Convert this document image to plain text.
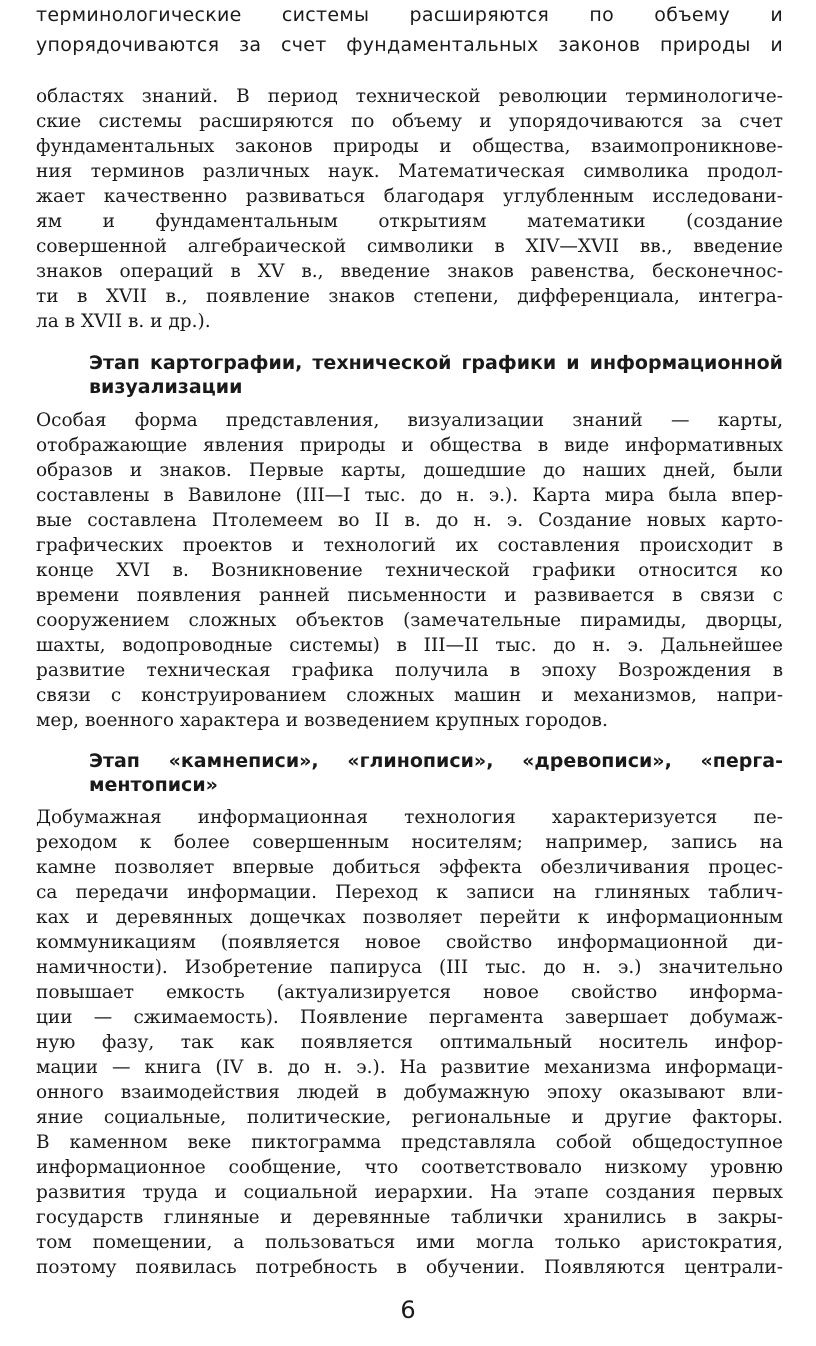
терминологические системы расширяются по объему и
упорядочиваются за счет фундаментальных законов природы и
областях знаний. В период технической революции терминологиче-
ские системы расширяются по объему и упорядочиваются за счет
фундаментальных законов природы и общества, взаимопроникнове-
ния терминов различных наук. Математическая символика продол-
жает качественно развиваться благодаря углубленным исследовани-
ям и фундаментальным открытиям математики (создание
совершенной алгебраической символики в XIV—XVII вв., введение
знаков операций в XV в., введение знаков равенства, бесконечнос-
ти в XVII в., появление знаков степени, дифференциала, интегра-
ла в XVII в. и др.).
Этап картографии, технической графики и информационной
визуализации
Особая форма представления, визуализации знаний — карты,
отображающие явления природы и общества в виде информативных
образов и знаков. Первые карты, дошедшие до наших дней, были
составлены в Вавилоне (III—I тыс. до н. э.). Карта мира была впер-
вые составлена Птолемеем во II в. до н. э. Создание новых карто-
графических проектов и технологий их составления происходит в
конце XVI в. Возникновение технической графики относится ко
времени появления ранней письменности и развивается в связи с
сооружением сложных объектов (замечательные пирамиды, дворцы,
шахты, водопроводные системы) в III—II тыс. до н. э. Дальнейшее
развитие техническая графика получила в эпоху Возрождения в
связи с конструированием сложных машин и механизмов, напри-
мер, военного характера и возведением крупных городов.
Этап «камнеписи», «глинописи», «древописи», «перга-
ментописи»
Добумажная информационная технология характеризуется пе-
реходом к более совершенным носителям; например, запись на
камне позволяет впервые добиться эффекта обезличивания процес-
са передачи информации. Переход к записи на глиняных таблич-
ках и деревянных дощечках позволяет перейти к информационным
коммуникациям (появляется новое свойство информационной ди-
намичности). Изобретение папируса (III тыс. до н. э.) значительно
повышает емкость (актуализируется новое свойство информа-
ции — сжимаемость). Появление пергамента завершает добумаж-
ную фазу, так как появляется оптимальный носитель инфор-
мации — книга (IV в. до н. э.). На развитие механизма информаци-
онного взаимодействия людей в добумажную эпоху оказывают вли-
яние социальные, политические, региональные и другие факторы.
В каменном веке пиктограмма представляла собой общедоступное
информационное сообщение, что соответствовало низкому уровню
развития труда и социальной иерархии. На этапе создания первых
государств глиняные и деревянные таблички хранились в закры-
том помещении, а пользоваться ими могла только аристократия,
поэтому появилась потребность в обучении. Появляются централи-
6
